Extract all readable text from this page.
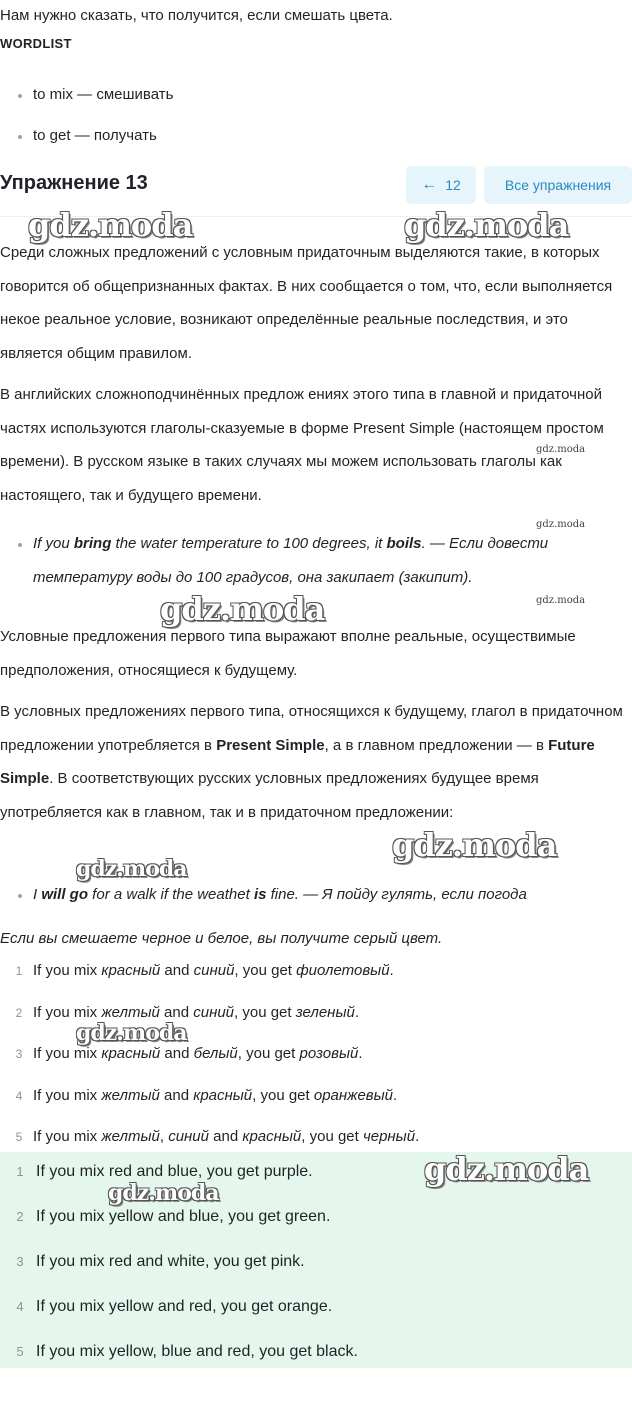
Нам нужно сказать, что получится, если смешать цвета.
WORDLIST
to mix — смешивать
to get — получать
Упражнение 13	← 12	Все упражнения

Среди сложных предложений с условным придаточным выделяются такие, в которых говорится об общепризнанных фактах. В них сообщается о том, что, если выполняется некое реальное условие, возникают определённые реальные последствия, и это является общим правилом.

В английских сложноподчинённых предлож ениях этого типа в главной и придаточной частях используются глаголы-сказуемые в форме Present Simple (настоящем простом времени). В русском языке в таких случаях мы можем использовать глаголы как настоящего, так и будущего времени.

If you bring the water temperature to 100 degrees, it boils. — Если довести температуру воды до 100 градусов, она закипает (закипит).

Условные предложения первого типа выражают вполне реальные, осуществимые предположения, относящиеся к будущему.

В условных предложениях первого типа, относящихся к будущему, глагол в придаточном предложении употребляется в Present Simple, а в главном предложении — в Future Simple. В соответствующих русских условных предложениях будущее время употребляется как в главном, так и в придаточном предложении:

I will go for a walk if the weathet is fine. — Я пойду гулять, если погода
Если вы смешаете черное и белое, вы получите серый цвет.
1 If you mix красный and синий, you get фиолетовый.
2 If you mix желтый and синий, you get зеленый.
3 If you mix красный and белый, you get розовый.
4 If you mix желтый and красный, you get оранжевый.
5 If you mix желтый, синий and красный, you get черный.
1 If you mix red and blue, you get purple.
2 If you mix yellow and blue, you get green.
3 If you mix red and white, you get pink.
4 If you mix yellow and red, you get orange.
5 If you mix yellow, blue and red, you get black.
gdz.moda	gdz.moda
gdz.moda
gdz.moda
gdz.moda
gdz.moda
gdz.moda
gdz.moda
gdz.moda
gdz.moda
gdz.moda
